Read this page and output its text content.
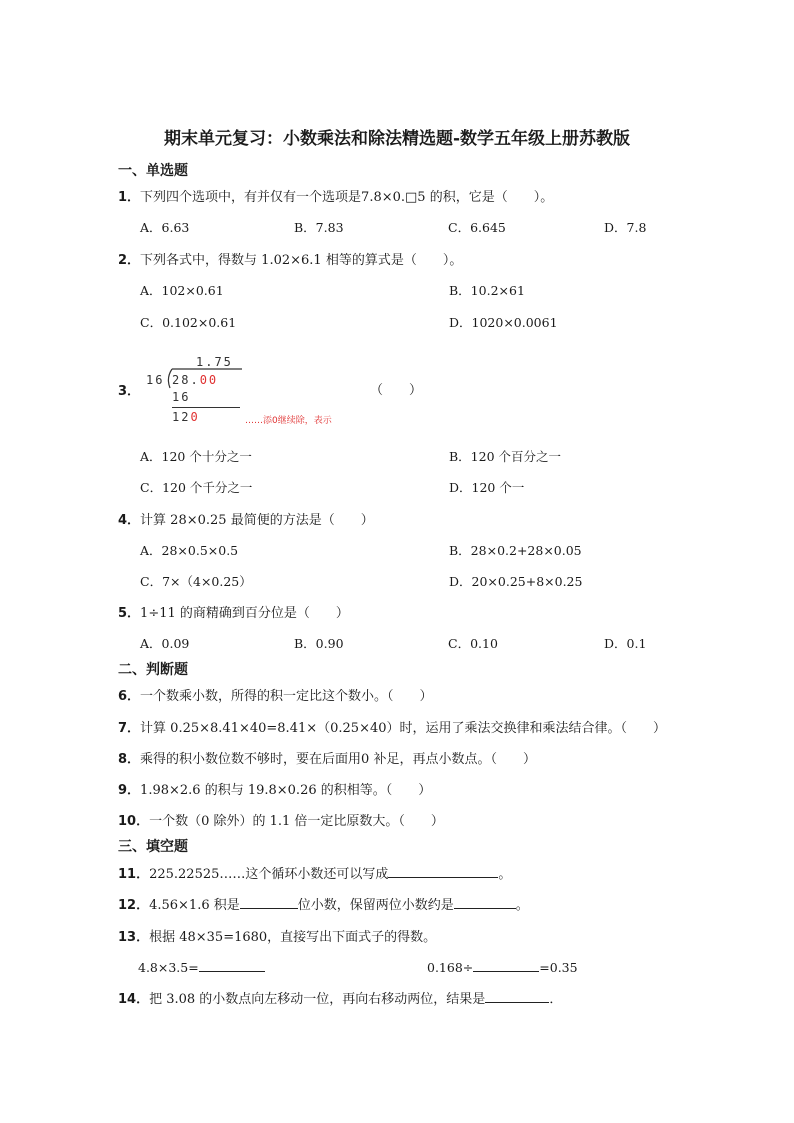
期末单元复习：小数乘法和除法精选题-数学五年级上册苏教版
一、单选题
1．下列四个选项中，有并仅有一个选项是7.8×0.□5 的积，它是（　　）。
A．6.63	B．7.83	C．6.645	D．7.8
2．下列各式中，得数与 1.02×6.1 相等的算式是（　　）。
A．102×0.61	B．10.2×61
C．0.102×0.61	D．1020×0.0061
3．
1.75
16 28.00
16
120	……添0继续除，表示
（　　）
A．120 个十分之一	B．120 个百分之一
C．120 个千分之一	D．120 个一
4．计算 28×0.25 最简便的方法是（　　）
A．28×0.5×0.5	B．28×0.2+28×0.05
C．7×（4×0.25）	D．20×0.25+8×0.25
5．1÷11 的商精确到百分位是（　　）
A．0.09	B．0.90	C．0.10	D．0.1
二、判断题
6．一个数乘小数，所得的积一定比这个数小。（　　）
7．计算 0.25×8.41×40=8.41×（0.25×40）时，运用了乘法交换律和乘法结合律。（　　）
8．乘得的积小数位数不够时，要在后面用0 补足，再点小数点。（　　）
9．1.98×2.6 的积与 19.8×0.26 的积相等。（　　）
10．一个数（0 除外）的 1.1 倍一定比原数大。（　　）
三、填空题
11．225.22525……这个循环小数还可以写成	。
12．4.56×1.6 积是	位小数，保留两位小数约是	。
13．根据 48×35=1680，直接写出下面式子的得数。
4.8×3.5=	0.168÷	=0.35
14．把 3.08 的小数点向左移动一位，再向右移动两位，结果是	．
